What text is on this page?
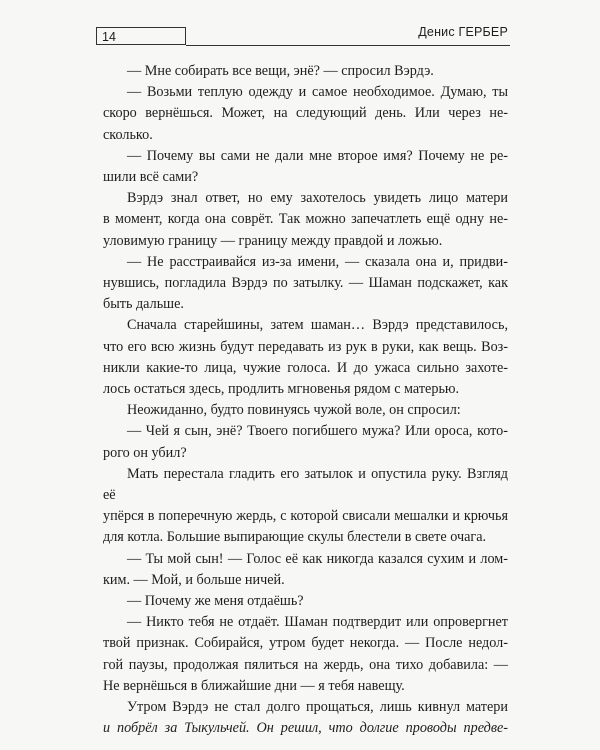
14	Денис ГЕРБЕР

— Мне собирать все вещи, энё? — спросил Вэрдэ.

— Возьми теплую одежду и самое необходимое. Думаю, ты

скоро вернёшься. Может, на следующий день. Или через не-

сколько.

— Почему вы сами не дали мне второе имя? Почему не ре-

шили всё сами?

Вэрдэ знал ответ, но ему захотелось увидеть лицо матери

в момент, когда она соврёт. Так можно запечатлеть ещё одну не-

уловимую границу — границу между правдой и ложью.

— Не расстраивайся из-за имени, — сказала она и, придви-

нувшись, погладила Вэрдэ по затылку. — Шаман подскажет, как

быть дальше.

Сначала старейшины, затем шаман… Вэрдэ представилось,

что его всю жизнь будут передавать из рук в руки, как вещь. Воз-

никли какие-то лица, чужие голоса. И до ужаса сильно захоте-

лось остаться здесь, продлить мгновенья рядом с матерью.

Неожиданно, будто повинуясь чужой воле, он спросил:

— Чей я сын, энё? Твоего погибшего мужа? Или ороса, кото-

рого он убил?

Мать перестала гладить его затылок и опустила руку. Взгляд её

упёрся в поперечную жердь, с которой свисали мешалки и крючья

для котла. Большие выпирающие скулы блестели в свете очага.

— Ты мой сын! — Голос её как никогда казался сухим и лом-

ким. — Мой, и больше ничей.

— Почему же меня отдаёшь?

— Никто тебя не отдаёт. Шаман подтвердит или опровергнет

твой признак. Собирайся, утром будет некогда. — После недол-

гой паузы, продолжая пялиться на жердь, она тихо добавила: —

Не вернёшься в ближайшие дни — я тебя навещу.

Утром Вэрдэ не стал долго прощаться, лишь кивнул матери

и побрёл за Тыкульчей. Он решил, что долгие проводы предве-
